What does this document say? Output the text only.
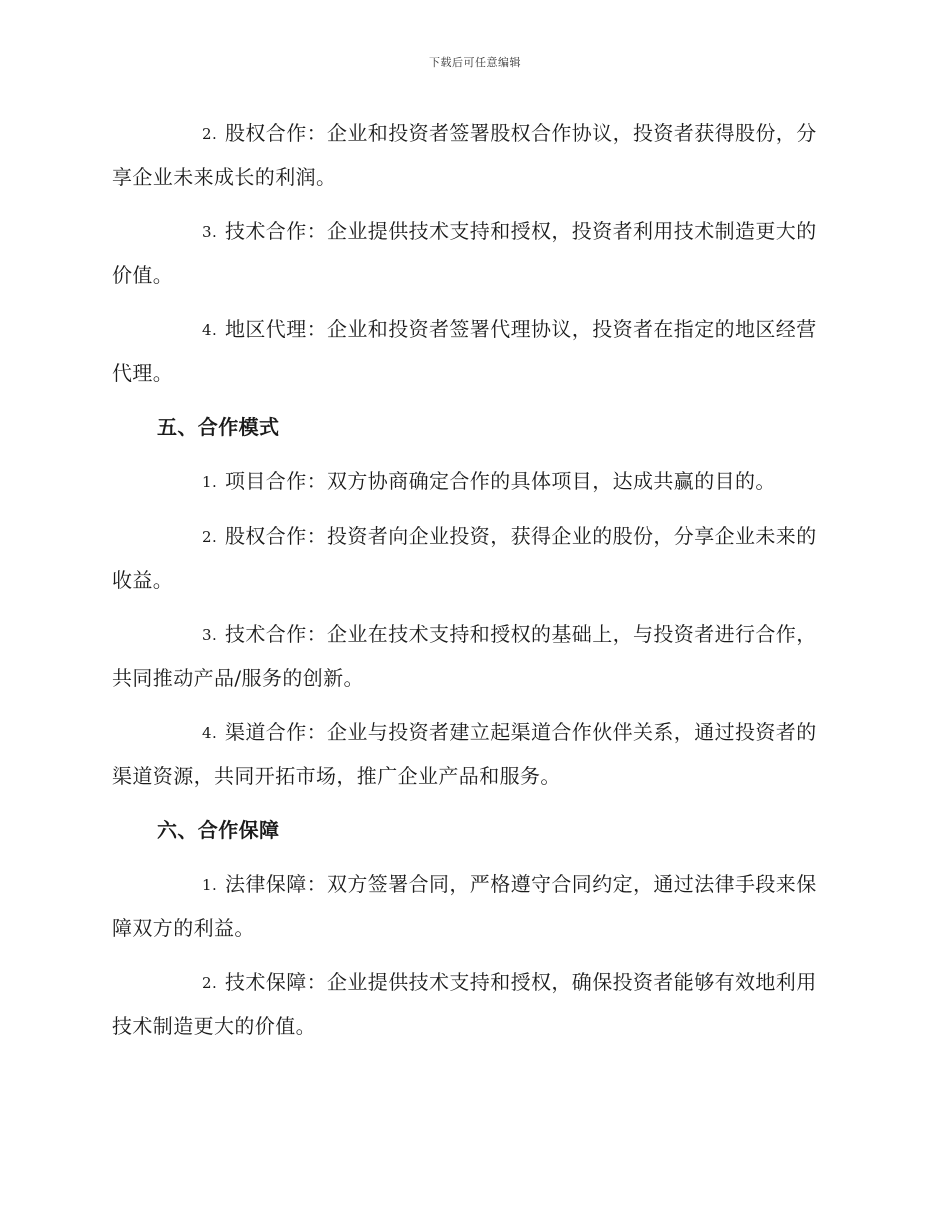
下载后可任意编辑

2. 股权合作：企业和投资者签署股权合作协议，投资者获得股份，分享企业未来成长的利润。

3. 技术合作：企业提供技术支持和授权，投资者利用技术制造更大的价值。

4. 地区代理：企业和投资者签署代理协议，投资者在指定的地区经营代理。

五、合作模式

1. 项目合作：双方协商确定合作的具体项目，达成共赢的目的。

2. 股权合作：投资者向企业投资，获得企业的股份，分享企业未来的收益。

3. 技术合作：企业在技术支持和授权的基础上，与投资者进行合作，共同推动产品/服务的创新。

4. 渠道合作：企业与投资者建立起渠道合作伙伴关系，通过投资者的渠道资源，共同开拓市场，推广企业产品和服务。

六、合作保障

1. 法律保障：双方签署合同，严格遵守合同约定，通过法律手段来保障双方的利益。

2. 技术保障：企业提供技术支持和授权，确保投资者能够有效地利用技术制造更大的价值。
